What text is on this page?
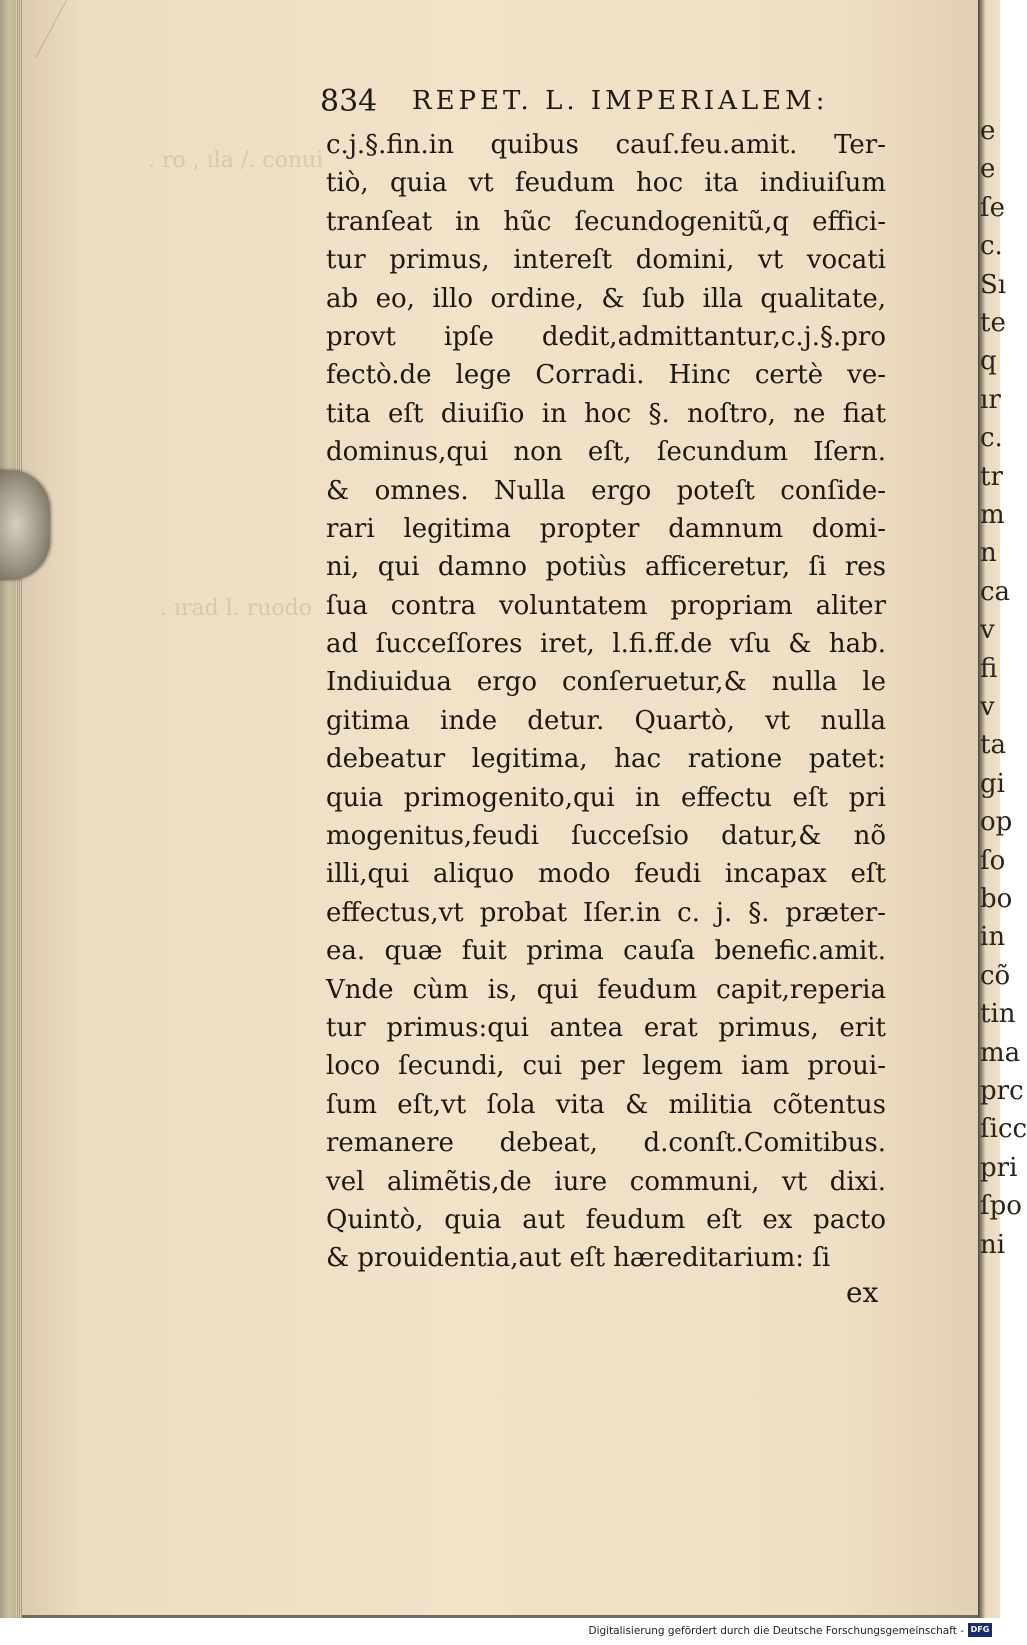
. ro , ıla /. conui
. ırad l. ruodo
834 REPET. L. IMPERIALEM:
c.j.§.fin.in quibus cauſ.feu.amit. Ter-
tiò, quia vt feudum hoc ita indiuiſum
tranſeat in hũc ſecundogenitũ,q effici-
tur primus, intereſt domini, vt vocati
ab eo, illo ordine, & ſub illa qualitate,
provt ipſe dedit,admittantur,c.j.§.pro
fectò.de lege Corradi. Hinc certè ve-
tita eſt diuiſio in hoc §. noſtro, ne fiat
dominus,qui non eſt, ſecundum Iſern.
& omnes. Nulla ergo poteſt conſide-
rari legitima propter damnum domi-
ni, qui damno potiùs afficeretur, ſi res
ſua contra voluntatem propriam aliter
ad ſucceſſores iret, l.fi.ff.de vſu & hab.
Indiuidua ergo conſeruetur,& nulla le
gitima inde detur. Quartò, vt nulla
debeatur legitima, hac ratione patet:
quia primogenito,qui in effectu eſt pri
mogenitus,feudi ſucceſsio datur,& nõ
illi,qui aliquo modo feudi incapax eſt
effectus,vt probat Iſer.in c. j. §. præter-
ea. quæ fuit prima cauſa benefic.amit.
Vnde cùm is, qui feudum capit,reperia
tur primus:qui antea erat primus, erit
loco ſecundi, cui per legem iam proui-
ſum eſt,vt ſola vita & militia cõtentus
remanere debeat, d.conſt.Comitibus.
vel alimẽtis,de iure communi, vt dixi.
Quintò, quia aut feudum eſt ex pacto
& prouidentia,aut eſt hæreditarium: ſi
ex
e
e
ſe
c.
Sı
te
q
ır
c.
tr
m
n
ca
v
fi
v
ta
gi
op
ſo
bo
in
cõ
tin
ma
prc
ſicc
pri
ſpo
ni
Digitalisierung gefördert durch die Deutsche Forschungsgemeinschaft - DFG
